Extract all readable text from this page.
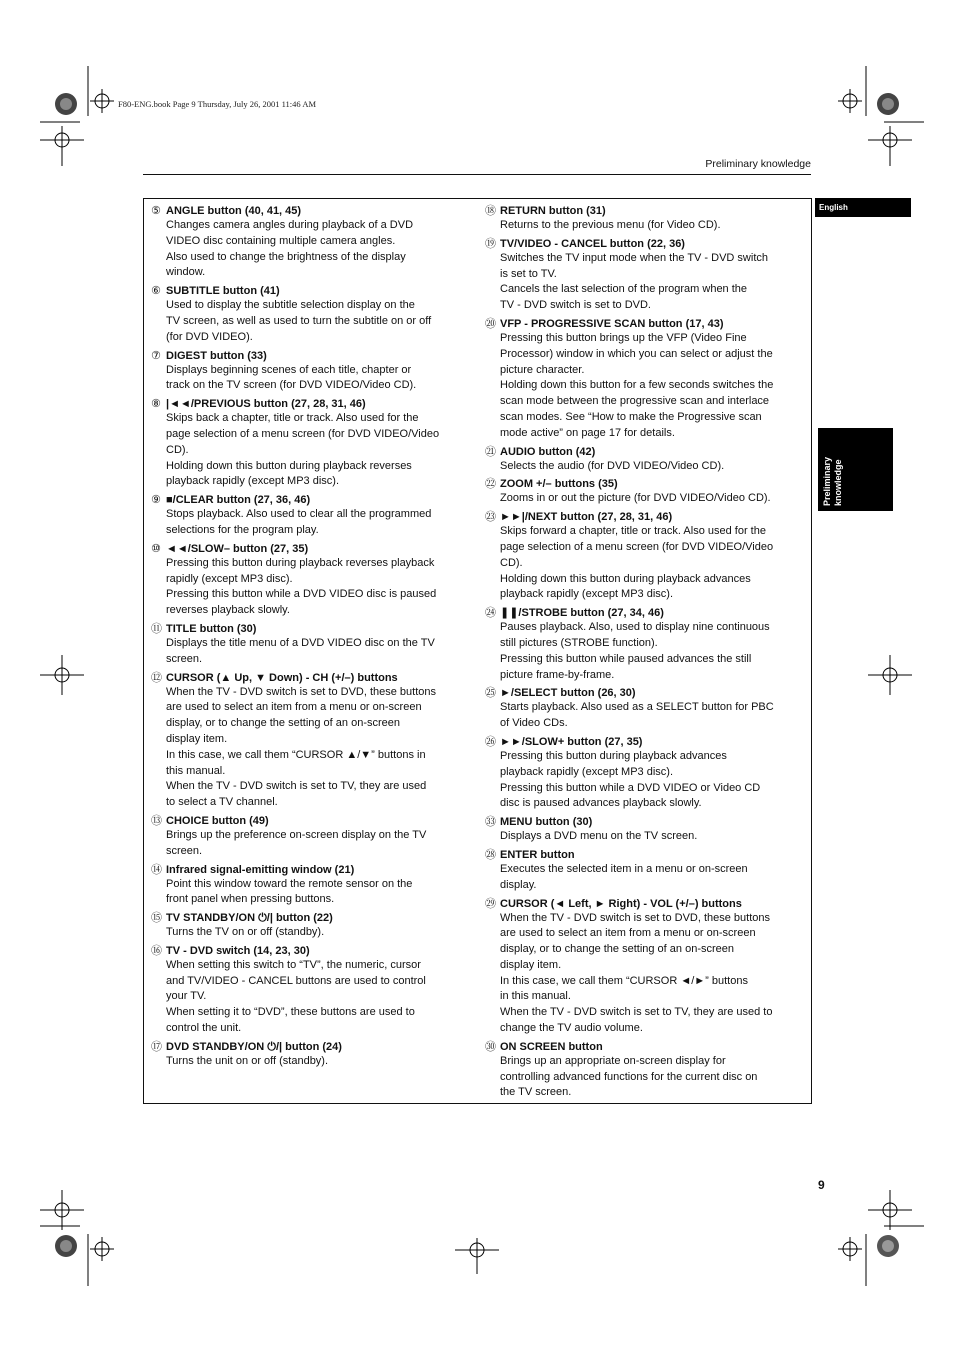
F80-ENG.book Page 9 Thursday, July 26, 2001 11:46 AM
Preliminary knowledge
English
Preliminary
knowledge
⑤ ANGLE button (40, 41, 45)
Changes camera angles during playback of a DVD
VIDEO disc containing multiple camera angles.
Also used to change the brightness of the display
window.
⑥ SUBTITLE button (41)
Used to display the subtitle selection display on the
TV screen, as well as used to turn the subtitle on or off
(for DVD VIDEO).
⑦ DIGEST button (33)
Displays beginning scenes of each title, chapter or
track on the TV screen (for DVD VIDEO/Video CD).
⑧ |◄◄/PREVIOUS button (27, 28, 31, 46)
Skips back a chapter, title or track. Also used for the
page selection of a menu screen (for DVD VIDEO/Video
CD).
Holding down this button during playback reverses
playback rapidly (except MP3 disc).
⑨ ■/CLEAR button (27, 36, 46)
Stops playback. Also used to clear all the programmed
selections for the program play.
⑩ ◄◄/SLOW– button (27, 35)
Pressing this button during playback reverses playback
rapidly (except MP3 disc).
Pressing this button while a DVD VIDEO disc is paused
reverses playback slowly.
⑪ TITLE button (30)
Displays the title menu of a DVD VIDEO disc on the TV
screen.
⑫ CURSOR (▲ Up, ▼ Down) - CH (+/–) buttons
When the TV - DVD switch is set to DVD, these buttons
are used to select an item from a menu or on-screen
display, or to change the setting of an on-screen
display item.
In this case, we call them “CURSOR ▲/▼” buttons in
this manual.
When the TV - DVD switch is set to TV, they are used
to select a TV channel.
⑬ CHOICE button (49)
Brings up the preference on-screen display on the TV
screen.
⑭ Infrared signal-emitting window (21)
Point this window toward the remote sensor on the
front panel when pressing buttons.
⑮ TV STANDBY/ON ⏻/| button (22)
Turns the TV on or off (standby).
⑯ TV - DVD switch (14, 23, 30)
When setting this switch to “TV”, the numeric, cursor
and TV/VIDEO - CANCEL buttons are used to control
your TV.
When setting it to “DVD”, these buttons are used to
control the unit.
⑰ DVD STANDBY/ON ⏻/| button (24)
Turns the unit on or off (standby).
⑱ RETURN button (31)
Returns to the previous menu (for Video CD).
⑲ TV/VIDEO - CANCEL button (22, 36)
Switches the TV input mode when the TV - DVD switch
is set to TV.
Cancels the last selection of the program when the
TV - DVD switch is set to DVD.
⑳ VFP - PROGRESSIVE SCAN button (17, 43)
Pressing this button brings up the VFP (Video Fine
Processor) window in which you can select or adjust the
picture character.
Holding down this button for a few seconds switches the
scan mode between the progressive scan and interlace
scan modes. See “How to make the Progressive scan
mode active” on page 17 for details.
㉑ AUDIO button (42)
Selects the audio (for DVD VIDEO/Video CD).
㉒ ZOOM +/– buttons (35)
Zooms in or out the picture (for DVD VIDEO/Video CD).
㉓ ►►|/NEXT button (27, 28, 31, 46)
Skips forward a chapter, title or track. Also used for the
page selection of a menu screen (for DVD VIDEO/Video
CD).
Holding down this button during playback advances
playback rapidly (except MP3 disc).
㉔ ❚❚/STROBE button (27, 34, 46)
Pauses playback. Also, used to display nine continuous
still pictures (STROBE function).
Pressing this button while paused advances the still
picture frame-by-frame.
㉕ ►/SELECT button (26, 30)
Starts playback. Also used as a SELECT button for PBC
of Video CDs.
㉖ ►►/SLOW+ button (27, 35)
Pressing this button during playback advances
playback rapidly (except MP3 disc).
Pressing this button while a DVD VIDEO or Video CD
disc is paused advances playback slowly.
㉝ MENU button (30)
Displays a DVD menu on the TV screen.
㉘ ENTER button
Executes the selected item in a menu or on-screen
display.
㉙ CURSOR (◄ Left, ► Right) - VOL (+/–) buttons
When the TV - DVD switch is set to DVD, these buttons
are used to select an item from a menu or on-screen
display, or to change the setting of an on-screen
display item.
In this case, we call them “CURSOR ◄/►” buttons
in this manual.
When the TV - DVD switch is set to TV, they are used to
change the TV audio volume.
㉚ ON SCREEN button
Brings up an appropriate on-screen display for
controlling advanced functions for the current disc on
the TV screen.
9
